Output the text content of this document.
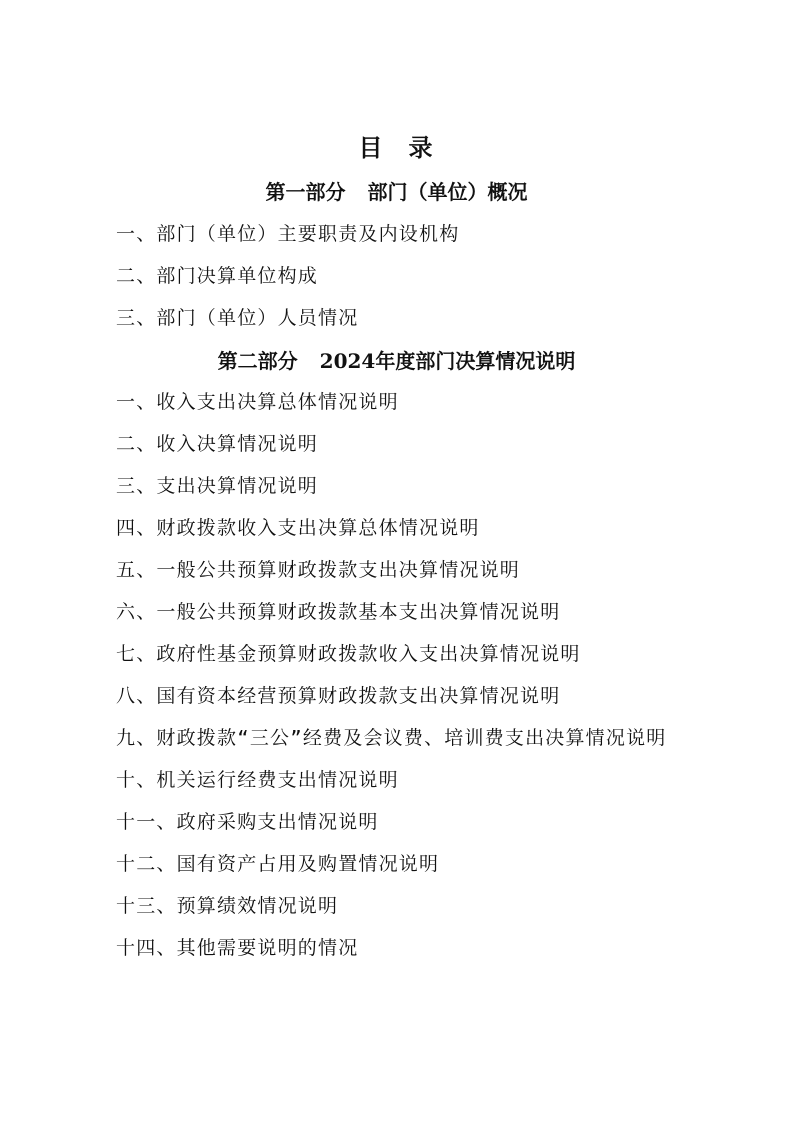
目 录
第一部分 部门（单位）概况
一、部门（单位）主要职责及内设机构
二、部门决算单位构成
三、部门（单位）人员情况
第二部分 2024年度部门决算情况说明
一、收入支出决算总体情况说明
二、收入决算情况说明
三、支出决算情况说明
四、财政拨款收入支出决算总体情况说明
五、一般公共预算财政拨款支出决算情况说明
六、一般公共预算财政拨款基本支出决算情况说明
七、政府性基金预算财政拨款收入支出决算情况说明
八、国有资本经营预算财政拨款支出决算情况说明
九、财政拨款“三公”经费及会议费、培训费支出决算情况说明
十、机关运行经费支出情况说明
十一、政府采购支出情况说明
十二、国有资产占用及购置情况说明
十三、预算绩效情况说明
十四、其他需要说明的情况
